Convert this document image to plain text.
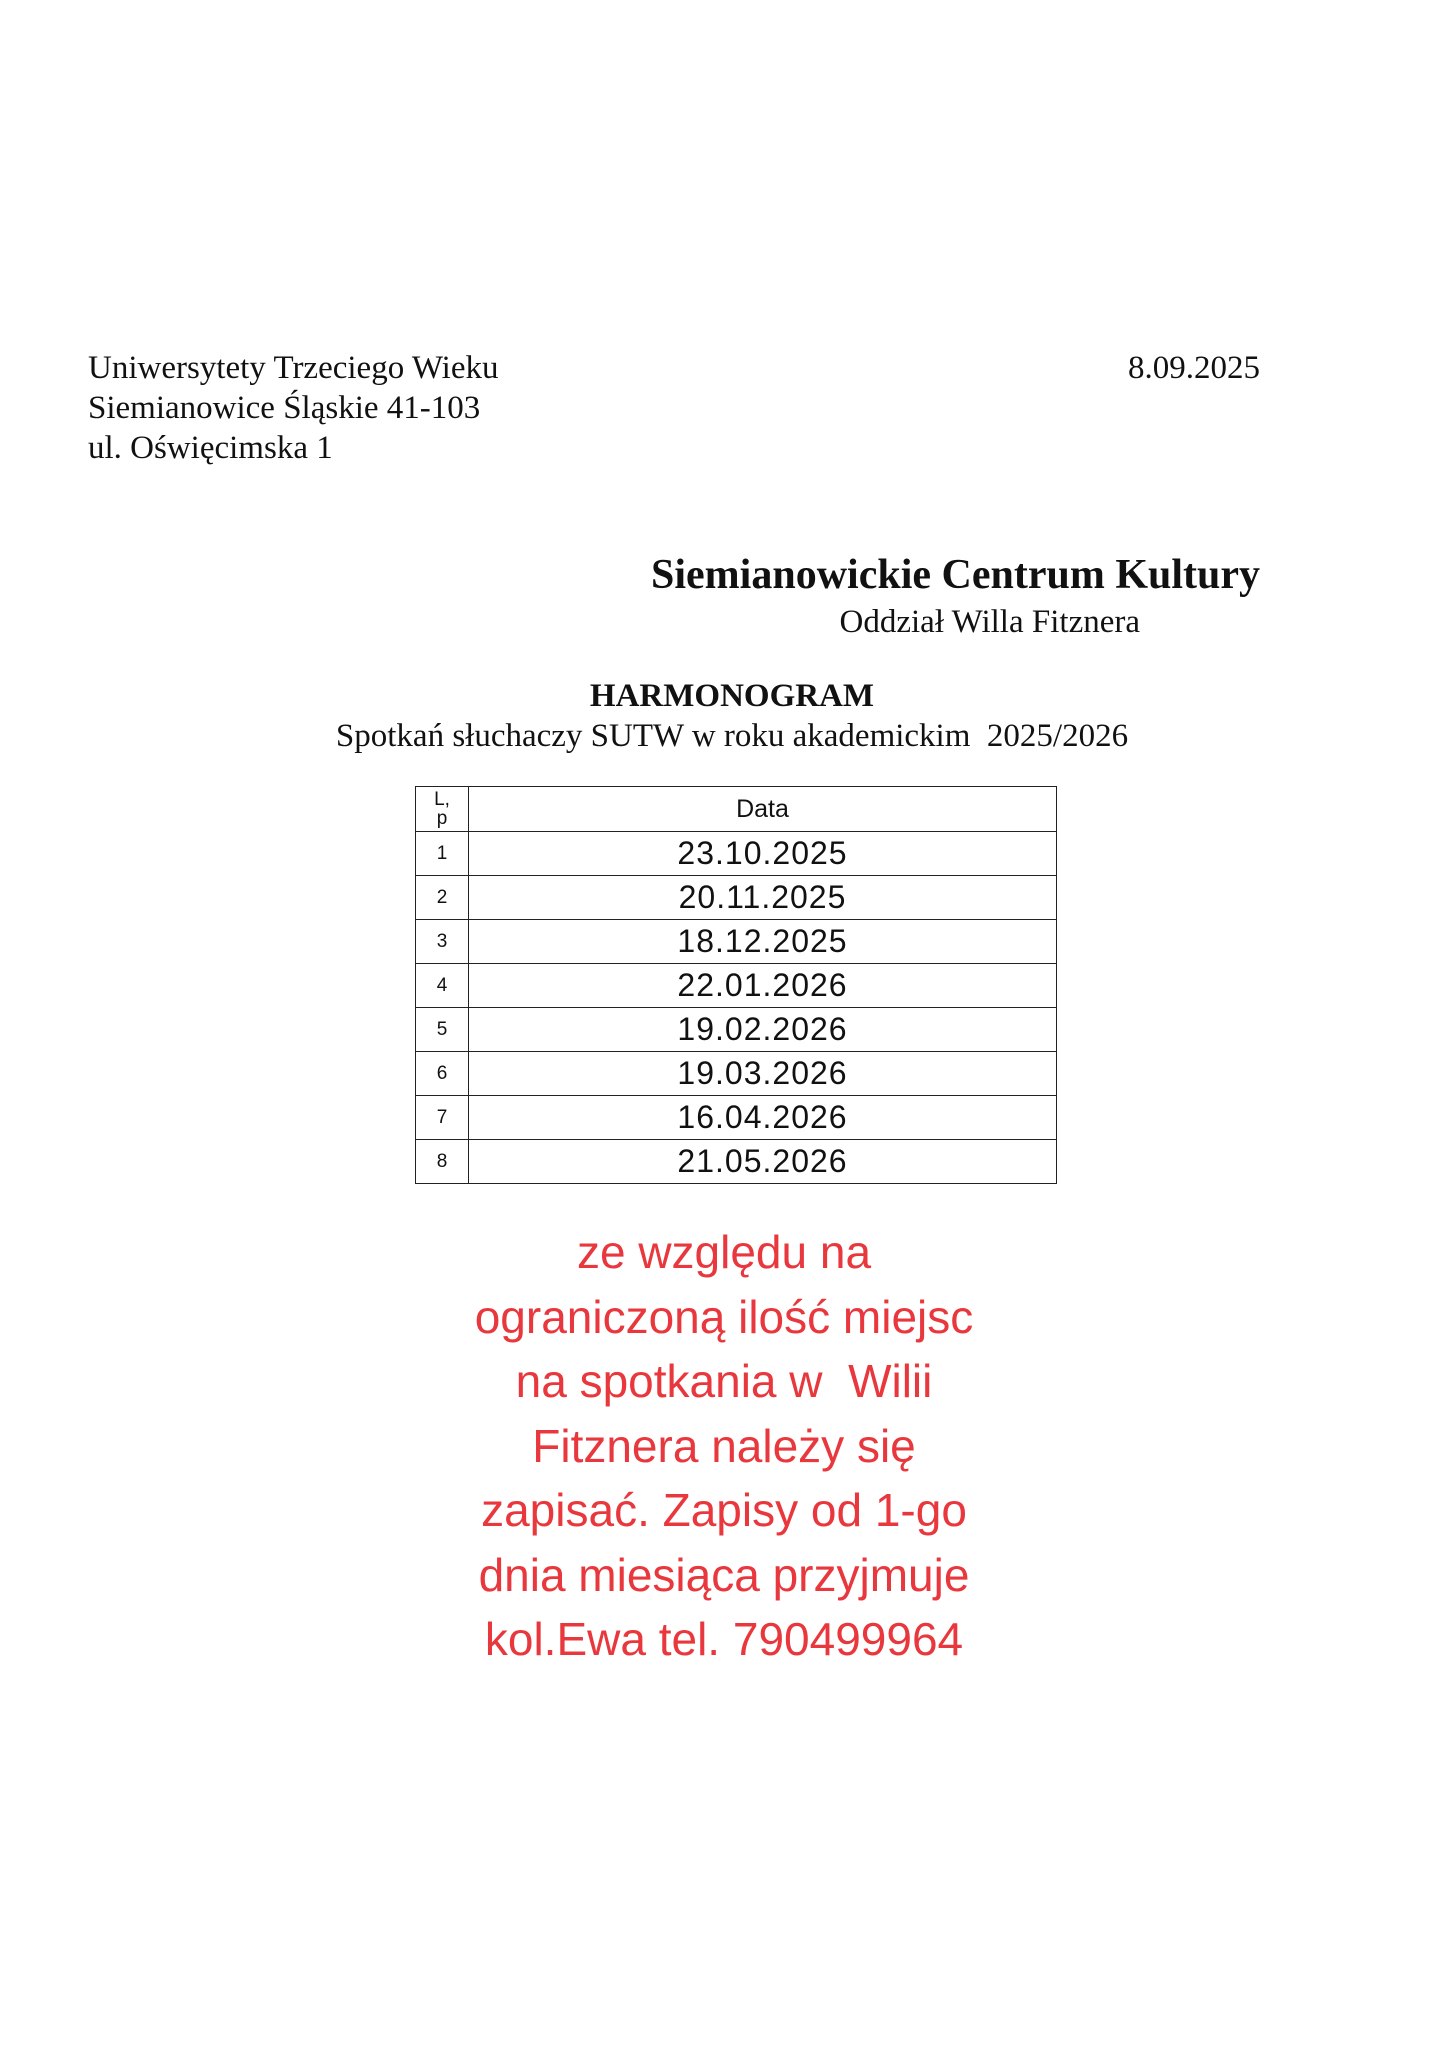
Uniwersytety Trzeciego Wieku
Siemianowice Śląskie 41-103
ul. Oświęcimska 1
8.09.2025
Siemianowickie Centrum Kultury
Oddział Willa Fitznera
HARMONOGRAM
Spotkań słuchaczy SUTW w roku akademickim  2025/2026
L,
p	Data
1	23.10.2025
2	20.11.2025
3	18.12.2025
4	22.01.2026
5	19.02.2026
6	19.03.2026
7	16.04.2026
8	21.05.2026
ze względu na
ograniczoną ilość miejsc
na spotkania w  Wilii
Fitznera należy się
zapisać. Zapisy od 1-go
dnia miesiąca przyjmuje
kol.Ewa tel. 790499964
